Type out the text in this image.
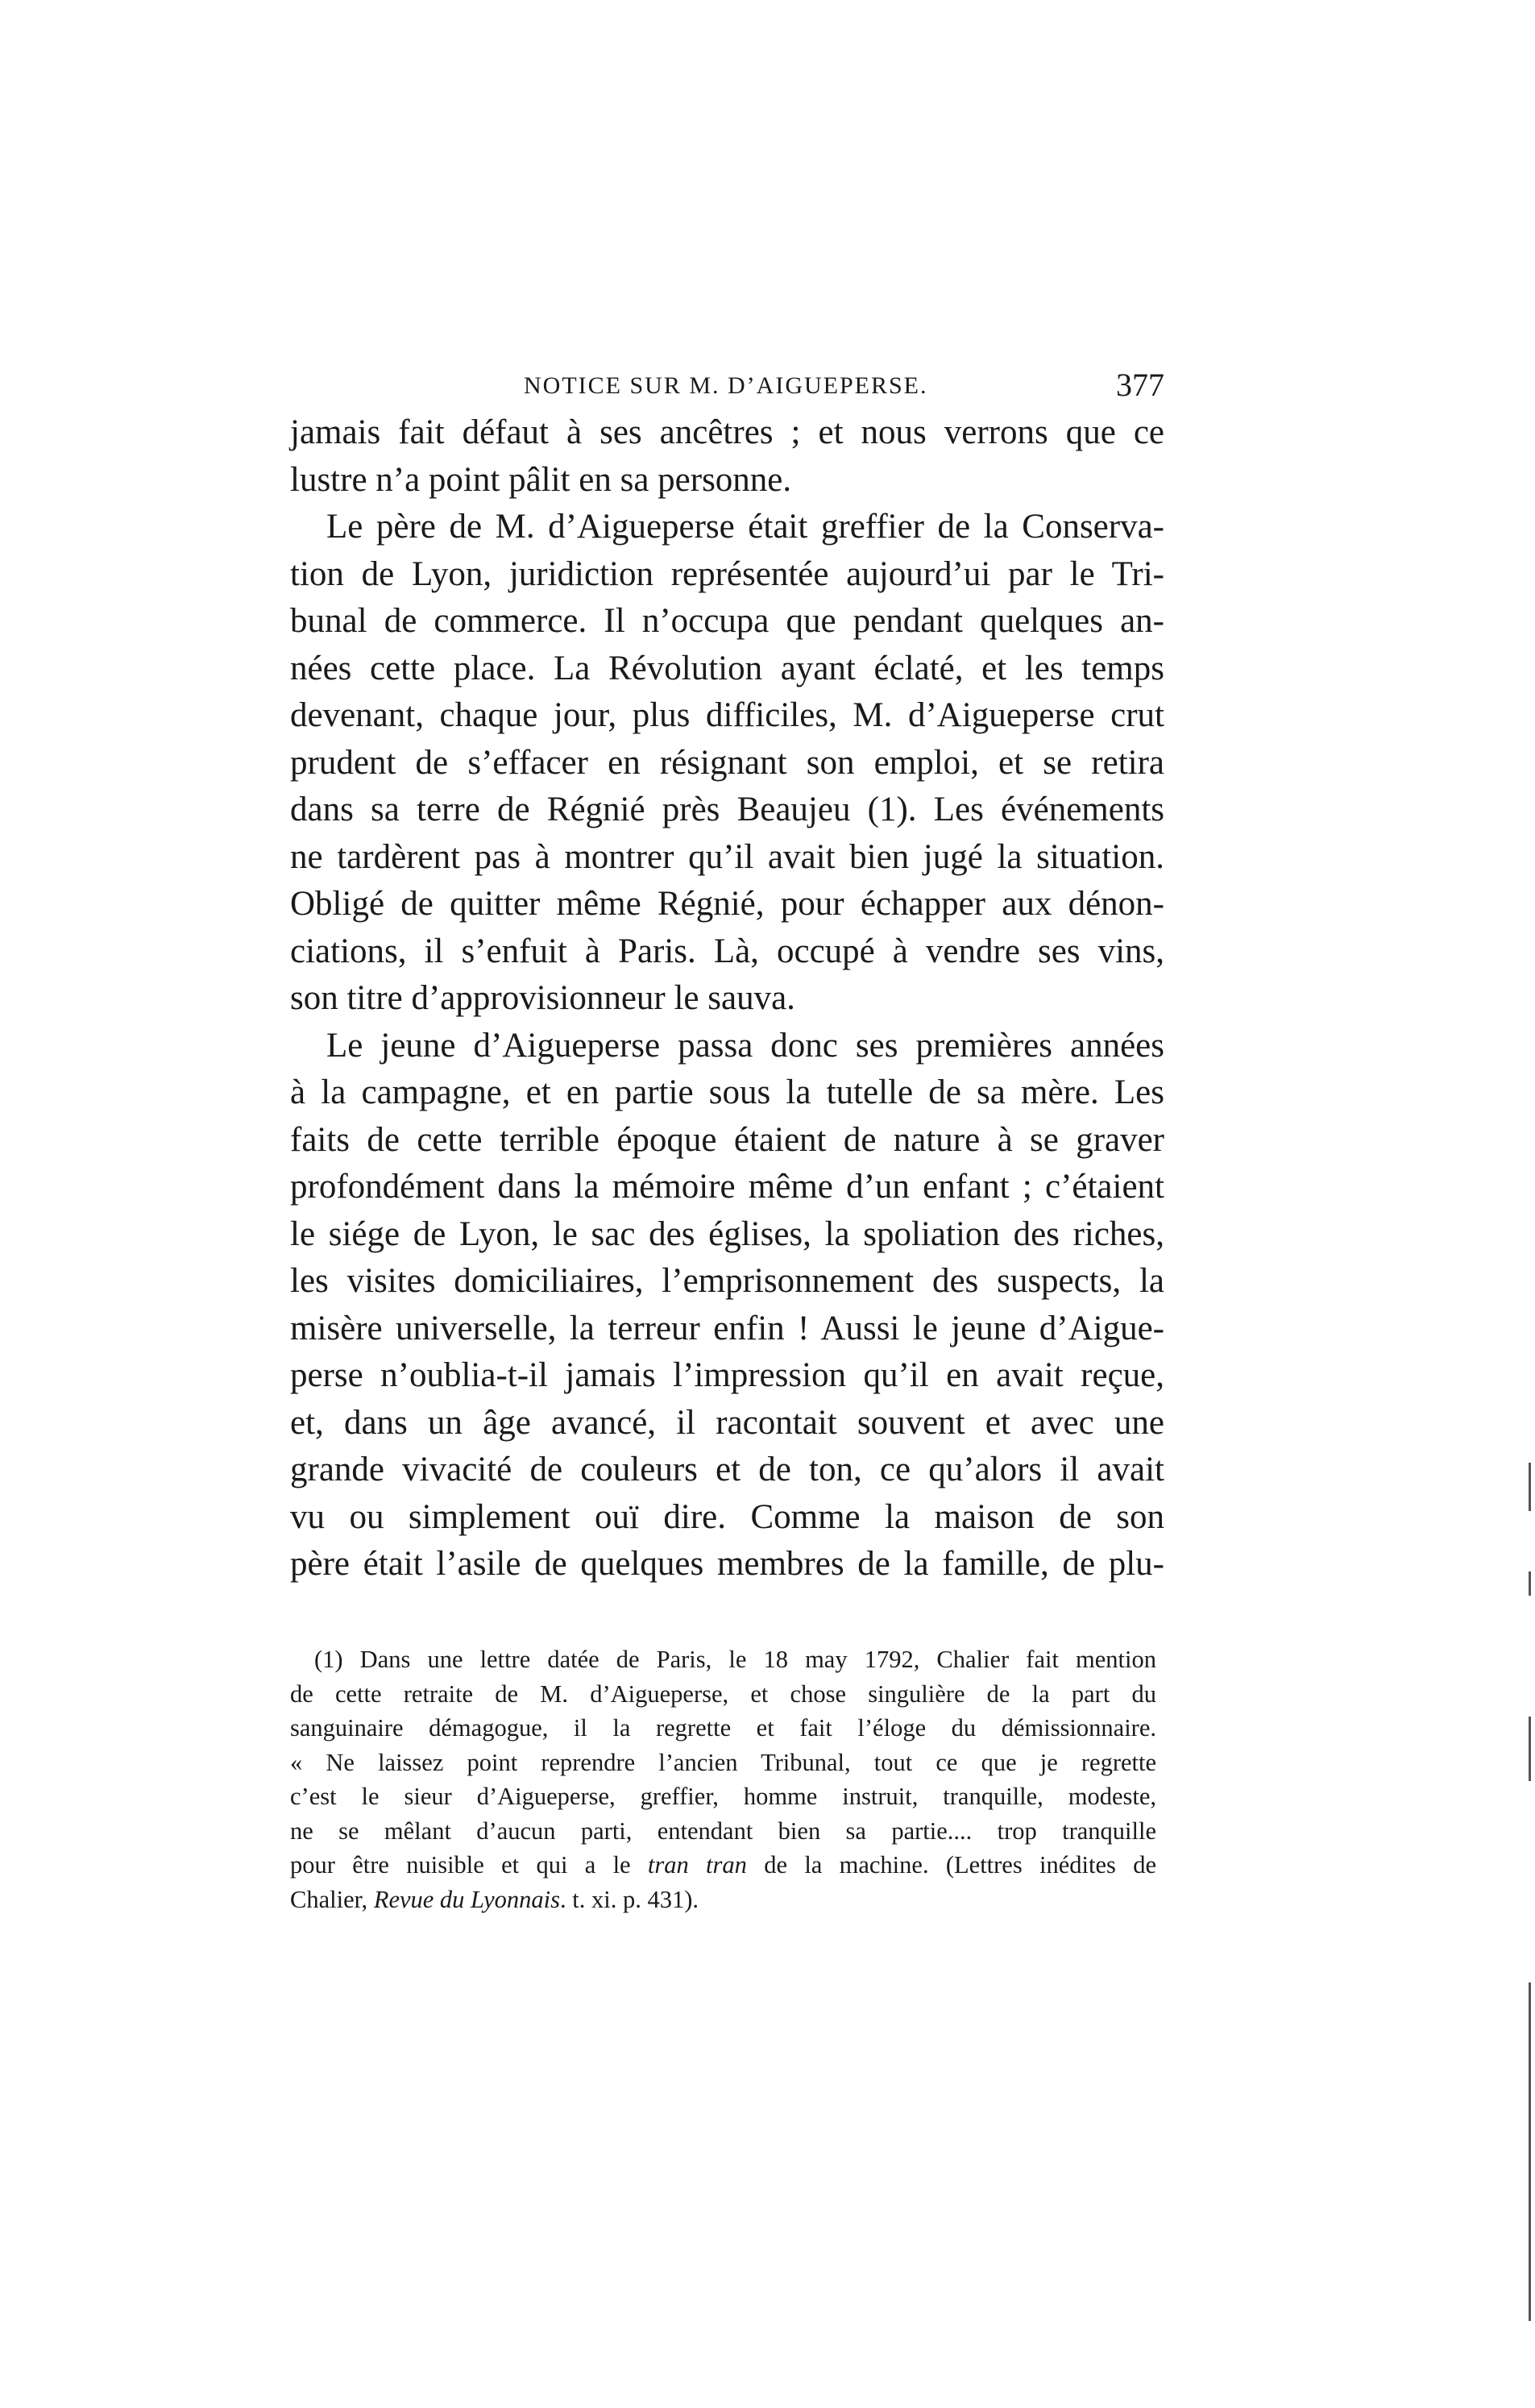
NOTICE SUR M. D’AIGUEPERSE.	377
jamais fait défaut à ses ancêtres ; et nous verrons que ce
lustre n’a point pâlit en sa personne.
Le père de M. d’Aigueperse était greffier de la Conserva-
tion de Lyon, juridiction représentée aujourd’ui par le Tri-
bunal de commerce. Il n’occupa que pendant quelques an-
nées cette place. La Révolution ayant éclaté, et les temps
devenant, chaque jour, plus difficiles, M. d’Aigueperse crut
prudent de s’effacer en résignant son emploi, et se retira
dans sa terre de Régnié près Beaujeu (1). Les événements
ne tardèrent pas à montrer qu’il avait bien jugé la situation.
Obligé de quitter même Régnié, pour échapper aux dénon-
ciations, il s’enfuit à Paris. Là, occupé à vendre ses vins,
son titre d’approvisionneur le sauva.
Le jeune d’Aigueperse passa donc ses premières années
à la campagne, et en partie sous la tutelle de sa mère. Les
faits de cette terrible époque étaient de nature à se graver
profondément dans la mémoire même d’un enfant ; c’étaient
le siége de Lyon, le sac des églises, la spoliation des riches,
les visites domiciliaires, l’emprisonnement des suspects, la
misère universelle, la terreur enfin ! Aussi le jeune d’Aigue-
perse n’oublia-t-il jamais l’impression qu’il en avait reçue,
et, dans un âge avancé, il racontait souvent et avec une
grande vivacité de couleurs et de ton, ce qu’alors il avait
vu ou simplement ouï dire. Comme la maison de son
père était l’asile de quelques membres de la famille, de plu-
(1) Dans une lettre datée de Paris, le 18 may 1792, Chalier fait mention
de cette retraite de M. d’Aigueperse, et chose singulière de la part du
sanguinaire démagogue, il la regrette et fait l’éloge du démissionnaire.
« Ne laissez point reprendre l’ancien Tribunal, tout ce que je regrette
c’est le sieur d’Aigueperse, greffier, homme instruit, tranquille, modeste,
ne se mêlant d’aucun parti, entendant bien sa partie.... trop tranquille
pour être nuisible et qui a le tran tran de la machine. (Lettres inédites de
Chalier, Revue du Lyonnais. t. xi. p. 431).
